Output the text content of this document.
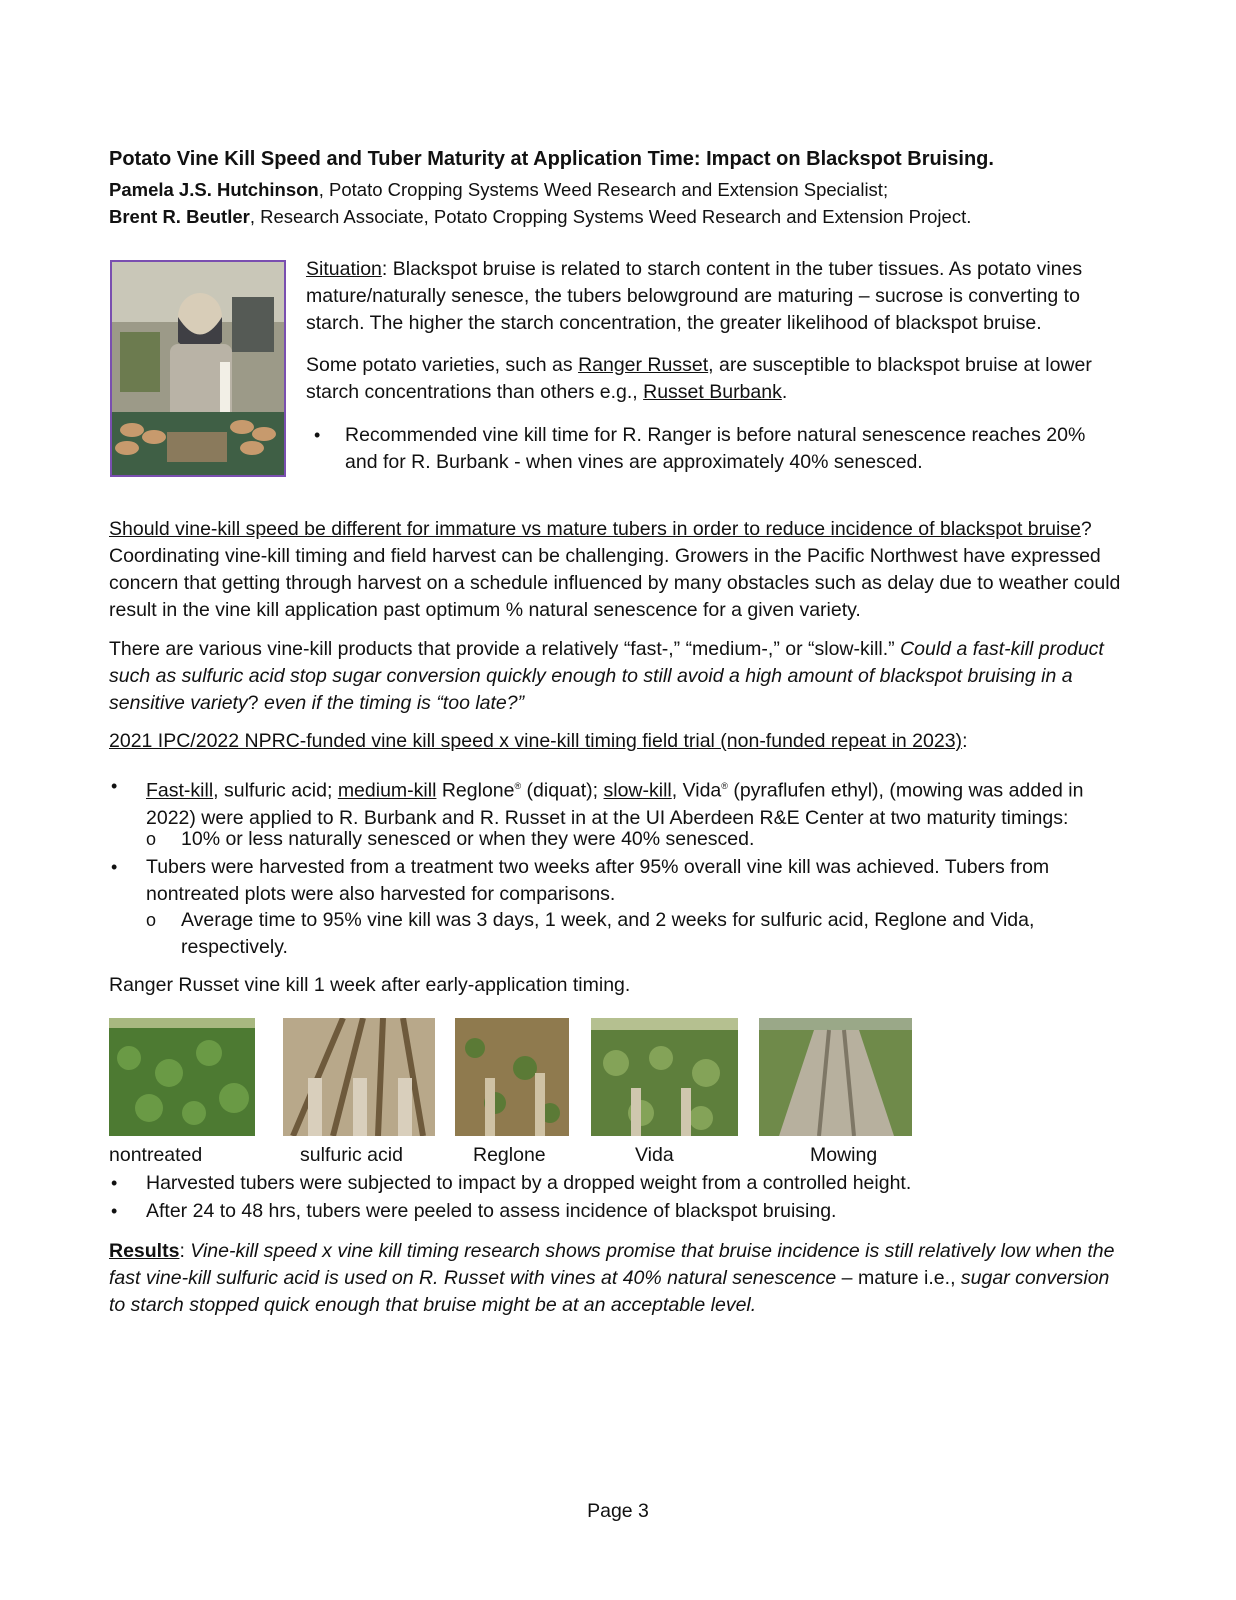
Potato Vine Kill Speed and Tuber Maturity at Application Time: Impact on Blackspot Bruising.
Pamela J.S. Hutchinson, Potato Cropping Systems Weed Research and Extension Specialist;
Brent R. Beutler, Research Associate, Potato Cropping Systems Weed Research and Extension Project.
Situation: Blackspot bruise is related to starch content in the tuber tissues. As potato vines mature/naturally senesce, the tubers belowground are maturing – sucrose is converting to starch. The higher the starch concentration, the greater likelihood of blackspot bruise.
Some potato varieties, such as Ranger Russet, are susceptible to blackspot bruise at lower starch concentrations than others e.g., Russet Burbank.
• Recommended vine kill time for R. Ranger is before natural senescence reaches 20% and for R. Burbank - when vines are approximately 40% senesced.
Should vine-kill speed be different for immature vs mature tubers in order to reduce incidence of blackspot bruise? Coordinating vine-kill timing and field harvest can be challenging. Growers in the Pacific Northwest have expressed concern that getting through harvest on a schedule influenced by many obstacles such as delay due to weather could result in the vine kill application past optimum % natural senescence for a given variety.
There are various vine-kill products that provide a relatively “fast-,” “medium-,” or “slow-kill.” Could a fast-kill product such as sulfuric acid stop sugar conversion quickly enough to still avoid a high amount of blackspot bruising in a sensitive variety? even if the timing is “too late?”
2021 IPC/2022 NPRC-funded vine kill speed x vine-kill timing field trial (non-funded repeat in 2023):
• Fast-kill, sulfuric acid; medium-kill Reglone® (diquat); slow-kill, Vida® (pyraflufen ethyl), (mowing was added in 2022) were applied to R. Burbank and R. Russet in at the UI Aberdeen R&E Center at two maturity timings:
o 10% or less naturally senesced or when they were 40% senesced.
• Tubers were harvested from a treatment two weeks after 95% overall vine kill was achieved. Tubers from nontreated plots were also harvested for comparisons.
o Average time to 95% vine kill was 3 days, 1 week, and 2 weeks for sulfuric acid, Reglone and Vida, respectively.
Ranger Russet vine kill 1 week after early-application timing.
nontreated	sulfuric acid	Reglone	Vida	Mowing
• Harvested tubers were subjected to impact by a dropped weight from a controlled height.
• After 24 to 48 hrs, tubers were peeled to assess incidence of blackspot bruising.
Results: Vine-kill speed x vine kill timing research shows promise that bruise incidence is still relatively low when the fast vine-kill sulfuric acid is used on R. Russet with vines at 40% natural senescence – mature i.e., sugar conversion to starch stopped quick enough that bruise might be at an acceptable level.
Page 3
